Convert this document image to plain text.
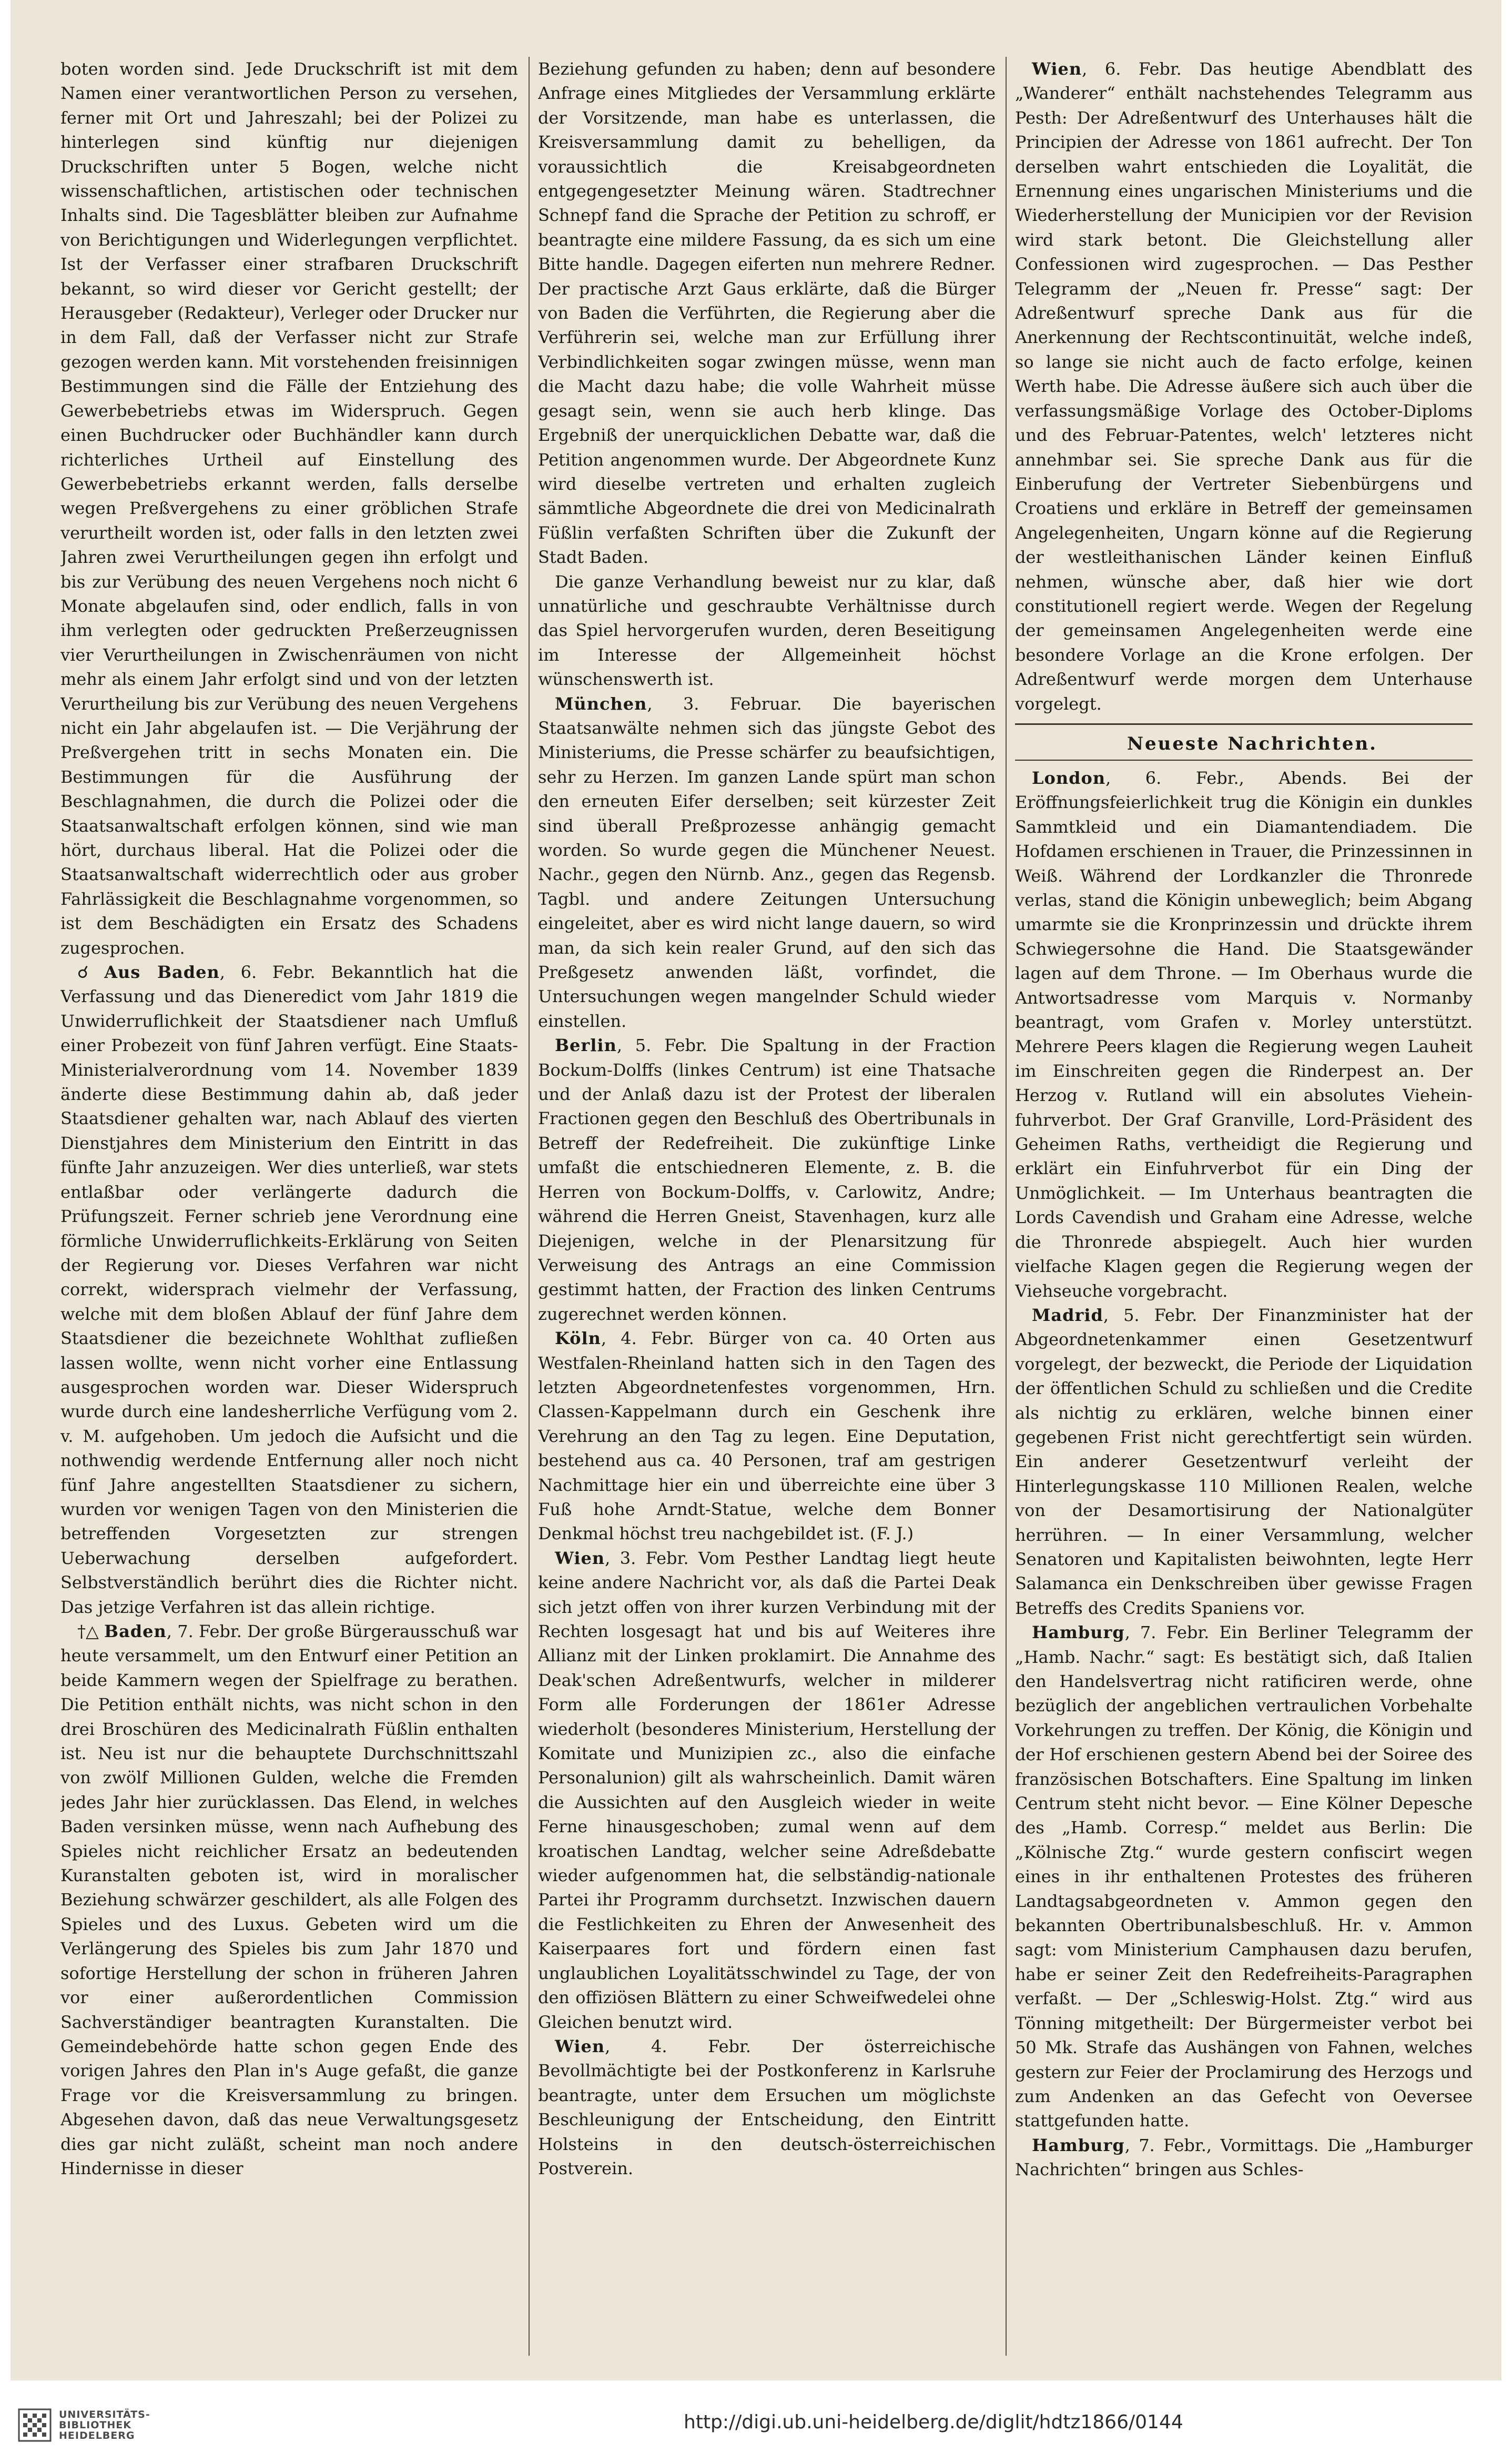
boten worden sind. Jede Druckschrift ist mit dem Namen einer verantwortlichen Person zu versehen, ferner mit Ort und Jahreszahl; bei der Polizei zu hinterlegen sind künftig nur diejenigen Druckschriften unter 5 Bogen, welche nicht wissenschaftlichen, artistischen oder technischen Inhalts sind. Die Tagesblätter bleiben zur Aufnahme von Berichtigungen und Widerlegungen verpflichtet. Ist der Verfasser einer strafbaren Druckschrift bekannt, so wird dieser vor Gericht gestellt; der Herausgeber (Redakteur), Verleger oder Drucker nur in dem Fall, daß der Verfasser nicht zur Strafe gezogen werden kann. Mit vorstehenden freisinnigen Bestimmungen sind die Fälle der Entziehung des Gewerbebetriebs etwas im Widerspruch. Gegen einen Buchdrucker oder Buchhändler kann durch richterliches Urtheil auf Einstellung des Gewerbebetriebs erkannt werden, falls derselbe wegen Preßvergehens zu einer gröblichen Strafe verurtheilt worden ist, oder falls in den letzten zwei Jahren zwei Verurtheilungen gegen ihn erfolgt und bis zur Verübung des neuen Vergehens noch nicht 6 Monate abgelaufen sind, oder endlich, falls in von ihm verlegten oder gedruckten Preßerzeugnissen vier Verurtheilungen in Zwischenräumen von nicht mehr als einem Jahr erfolgt sind und von der letzten Verurtheilung bis zur Verübung des neuen Vergehens nicht ein Jahr abgelaufen ist. — Die Verjährung der Preßvergehen tritt in sechs Monaten ein. Die Bestimmungen für die Ausführung der Beschlagnahmen, die durch die Polizei oder die Staatsanwaltschaft erfolgen können, sind wie man hört, durchaus liberal. Hat die Polizei oder die Staatsanwaltschaft widerrechtlich oder aus grober Fahrlässigkeit die Beschlagnahme vorgenommen, so ist dem Beschädigten ein Ersatz des Schadens zugesprochen.

☌ Aus Baden, 6. Febr. Bekanntlich hat die Verfassung und das Dieneredict vom Jahr 1819 die Unwiderruflichkeit der Staatsdiener nach Umfluß einer Probezeit von fünf Jahren verfügt. Eine Staats-Ministerialverordnung vom 14. November 1839 änderte diese Bestimmung dahin ab, daß jeder Staatsdiener gehalten war, nach Ablauf des vierten Dienstjahres dem Ministerium den Eintritt in das fünfte Jahr anzuzeigen. Wer dies unterließ, war stets entlaßbar oder verlängerte dadurch die Prüfungszeit. Ferner schrieb jene Verordnung eine förmliche Unwiderruflichkeits-Erklärung von Seiten der Regierung vor. Dieses Verfahren war nicht correkt, widersprach vielmehr der Verfassung, welche mit dem bloßen Ablauf der fünf Jahre dem Staatsdiener die bezeichnete Wohlthat zufließen lassen wollte, wenn nicht vorher eine Entlassung ausgesprochen worden war. Dieser Widerspruch wurde durch eine landesherrliche Verfügung vom 2. v. M. aufgehoben. Um jedoch die Aufsicht und die nothwendig werdende Entfernung aller noch nicht fünf Jahre angestellten Staatsdiener zu sichern, wurden vor wenigen Tagen von den Ministerien die betreffenden Vorgesetzten zur strengen Ueberwachung derselben aufgefordert. Selbstverständlich berührt dies die Richter nicht. Das jetzige Verfahren ist das allein richtige.

†△ Baden, 7. Febr. Der große Bürgerausschuß war heute versammelt, um den Entwurf einer Petition an beide Kammern wegen der Spielfrage zu berathen. Die Petition enthält nichts, was nicht schon in den drei Broschüren des Medicinalrath Füßlin enthalten ist. Neu ist nur die behauptete Durchschnittszahl von zwölf Millionen Gulden, welche die Fremden jedes Jahr hier zurücklassen. Das Elend, in welches Baden versinken müsse, wenn nach Aufhebung des Spieles nicht reichlicher Ersatz an bedeutenden Kuranstalten geboten ist, wird in moralischer Beziehung schwärzer geschildert, als alle Folgen des Spieles und des Luxus. Gebeten wird um die Verlängerung des Spieles bis zum Jahr 1870 und sofortige Herstellung der schon in früheren Jahren vor einer außerordentlichen Commission Sachverständiger beantragten Kuranstalten. Die Gemeindebehörde hatte schon gegen Ende des vorigen Jahres den Plan in's Auge gefaßt, die ganze Frage vor die Kreisversammlung zu bringen. Abgesehen davon, daß das neue Verwaltungsgesetz dies gar nicht zuläßt, scheint man noch andere Hindernisse in dieser

Beziehung gefunden zu haben; denn auf besondere Anfrage eines Mitgliedes der Versammlung erklärte der Vorsitzende, man habe es unterlassen, die Kreisversammlung damit zu behelligen, da voraussichtlich die Kreisabgeordneten entgegengesetzter Meinung wären. Stadtrechner Schnepf fand die Sprache der Petition zu schroff, er beantragte eine mildere Fassung, da es sich um eine Bitte handle. Dagegen eiferten nun mehrere Redner. Der practische Arzt Gaus erklärte, daß die Bürger von Baden die Verführten, die Regierung aber die Verführerin sei, welche man zur Erfüllung ihrer Verbindlichkeiten sogar zwingen müsse, wenn man die Macht dazu habe; die volle Wahrheit müsse gesagt sein, wenn sie auch herb klinge. Das Ergebniß der unerquicklichen Debatte war, daß die Petition angenommen wurde. Der Abgeordnete Kunz wird dieselbe vertreten und erhalten zugleich sämmtliche Abgeordnete die drei von Medicinalrath Füßlin verfaßten Schriften über die Zukunft der Stadt Baden.

Die ganze Verhandlung beweist nur zu klar, daß unnatürliche und geschraubte Verhältnisse durch das Spiel hervorgerufen wurden, deren Beseitigung im Interesse der Allgemeinheit höchst wünschenswerth ist.

München, 3. Februar. Die bayerischen Staatsanwälte nehmen sich das jüngste Gebot des Ministeriums, die Presse schärfer zu beaufsichtigen, sehr zu Herzen. Im ganzen Lande spürt man schon den erneuten Eifer derselben; seit kürzester Zeit sind überall Preßprozesse anhängig gemacht worden. So wurde gegen die Münchener Neuest. Nachr., gegen den Nürnb. Anz., gegen das Regensb. Tagbl. und andere Zeitungen Untersuchung eingeleitet, aber es wird nicht lange dauern, so wird man, da sich kein realer Grund, auf den sich das Preßgesetz anwenden läßt, vorfindet, die Untersuchungen wegen mangelnder Schuld wieder einstellen.

Berlin, 5. Febr. Die Spaltung in der Fraction Bockum-Dolffs (linkes Centrum) ist eine Thatsache und der Anlaß dazu ist der Protest der liberalen Fractionen gegen den Beschluß des Obertribunals in Betreff der Redefreiheit. Die zukünftige Linke umfaßt die entschiedneren Elemente, z. B. die Herren von Bockum-Dolffs, v. Carlowitz, Andre; während die Herren Gneist, Stavenhagen, kurz alle Diejenigen, welche in der Plenarsitzung für Verweisung des Antrags an eine Commission gestimmt hatten, der Fraction des linken Centrums zugerechnet werden können.

Köln, 4. Febr. Bürger von ca. 40 Orten aus Westfalen-Rheinland hatten sich in den Tagen des letzten Abgeordnetenfestes vorgenommen, Hrn. Classen-Kappelmann durch ein Geschenk ihre Verehrung an den Tag zu legen. Eine Deputation, bestehend aus ca. 40 Personen, traf am gestrigen Nachmittage hier ein und überreichte eine über 3 Fuß hohe Arndt-Statue, welche dem Bonner Denkmal höchst treu nachgebildet ist. (F. J.)

Wien, 3. Febr. Vom Pesther Landtag liegt heute keine andere Nachricht vor, als daß die Partei Deak sich jetzt offen von ihrer kurzen Verbindung mit der Rechten losgesagt hat und bis auf Weiteres ihre Allianz mit der Linken proklamirt. Die Annahme des Deak'schen Adreßentwurfs, welcher in milderer Form alle Forderungen der 1861er Adresse wiederholt (besonderes Ministerium, Herstellung der Komitate und Munizipien zc., also die einfache Personalunion) gilt als wahrscheinlich. Damit wären die Aussichten auf den Ausgleich wieder in weite Ferne hinausgeschoben; zumal wenn auf dem kroatischen Landtag, welcher seine Adreßdebatte wieder aufgenommen hat, die selbständig-nationale Partei ihr Programm durchsetzt. Inzwischen dauern die Festlichkeiten zu Ehren der Anwesenheit des Kaiserpaares fort und fördern einen fast unglaublichen Loyalitätsschwindel zu Tage, der von den offiziösen Blättern zu einer Schweifwedelei ohne Gleichen benutzt wird.

Wien, 4. Febr. Der österreichische Bevollmächtigte bei der Postkonferenz in Karlsruhe beantragte, unter dem Ersuchen um möglichste Beschleunigung der Entscheidung, den Eintritt Holsteins in den deutsch-österreichischen Postverein.

Wien, 6. Febr. Das heutige Abendblatt des „Wanderer“ enthält nachstehendes Telegramm aus Pesth: Der Adreßentwurf des Unterhauses hält die Principien der Adresse von 1861 aufrecht. Der Ton derselben wahrt entschieden die Loyalität, die Ernennung eines ungarischen Ministeriums und die Wiederherstellung der Municipien vor der Revision wird stark betont. Die Gleichstellung aller Confessionen wird zugesprochen. — Das Pesther Telegramm der „Neuen fr. Presse“ sagt: Der Adreßentwurf spreche Dank aus für die Anerkennung der Rechtscontinuität, welche indeß, so lange sie nicht auch de facto erfolge, keinen Werth habe. Die Adresse äußere sich auch über die verfassungsmäßige Vorlage des October-Diploms und des Februar-Patentes, welch' letzteres nicht annehmbar sei. Sie spreche Dank aus für die Einberufung der Vertreter Siebenbürgens und Croatiens und erkläre in Betreff der gemeinsamen Angelegenheiten, Ungarn könne auf die Regierung der westleithanischen Länder keinen Einfluß nehmen, wünsche aber, daß hier wie dort constitutionell regiert werde. Wegen der Regelung der gemeinsamen Angelegenheiten werde eine besondere Vorlage an die Krone erfolgen. Der Adreßentwurf werde morgen dem Unterhause vorgelegt.

Neueste Nachrichten.

London, 6. Febr., Abends. Bei der Eröffnungsfeierlichkeit trug die Königin ein dunkles Sammtkleid und ein Diamantendiadem. Die Hofdamen erschienen in Trauer, die Prinzessinnen in Weiß. Während der Lordkanzler die Thronrede verlas, stand die Königin unbeweglich; beim Abgang umarmte sie die Kronprinzessin und drückte ihrem Schwiegersohne die Hand. Die Staatsgewänder lagen auf dem Throne. — Im Oberhaus wurde die Antwortsadresse vom Marquis v. Normanby beantragt, vom Grafen v. Morley unterstützt. Mehrere Peers klagen die Regierung wegen Lauheit im Einschreiten gegen die Rinderpest an. Der Herzog v. Rutland will ein absolutes Vieheinfuhrverbot. Der Graf Granville, Lord-Präsident des Geheimen Raths, vertheidigt die Regierung und erklärt ein Einfuhrverbot für ein Ding der Unmöglichkeit. — Im Unterhaus beantragten die Lords Cavendish und Graham eine Adresse, welche die Thronrede abspiegelt. Auch hier wurden vielfache Klagen gegen die Regierung wegen der Viehseuche vorgebracht.

Madrid, 5. Febr. Der Finanzminister hat der Abgeordnetenkammer einen Gesetzentwurf vorgelegt, der bezweckt, die Periode der Liquidation der öffentlichen Schuld zu schließen und die Credite als nichtig zu erklären, welche binnen einer gegebenen Frist nicht gerechtfertigt sein würden. Ein anderer Gesetzentwurf verleiht der Hinterlegungskasse 110 Millionen Realen, welche von der Desamortisirung der Nationalgüter herrühren. — In einer Versammlung, welcher Senatoren und Kapitalisten beiwohnten, legte Herr Salamanca ein Denkschreiben über gewisse Fragen Betreffs des Credits Spaniens vor.

Hamburg, 7. Febr. Ein Berliner Telegramm der „Hamb. Nachr.“ sagt: Es bestätigt sich, daß Italien den Handelsvertrag nicht ratificiren werde, ohne bezüglich der angeblichen vertraulichen Vorbehalte Vorkehrungen zu treffen. Der König, die Königin und der Hof erschienen gestern Abend bei der Soiree des französischen Botschafters. Eine Spaltung im linken Centrum steht nicht bevor. — Eine Kölner Depesche des „Hamb. Corresp.“ meldet aus Berlin: Die „Kölnische Ztg.“ wurde gestern confiscirt wegen eines in ihr enthaltenen Protestes des früheren Landtagsabgeordneten v. Ammon gegen den bekannten Obertribunalsbeschluß. Hr. v. Ammon sagt: vom Ministerium Camphausen dazu berufen, habe er seiner Zeit den Redefreiheits-Paragraphen verfaßt. — Der „Schleswig-Holst. Ztg.“ wird aus Tönning mitgetheilt: Der Bürgermeister verbot bei 50 Mk. Strafe das Aushängen von Fahnen, welches gestern zur Feier der Proclamirung des Herzogs und zum Andenken an das Gefecht von Oeversee stattgefunden hatte.

Hamburg, 7. Febr., Vormittags. Die „Hamburger Nachrichten“ bringen aus Schles-

UNIVERSITÄTS-
BIBLIOTHEK
HEIDELBERG
http://digi.ub.uni-heidelberg.de/diglit/hdtz1866/0144
